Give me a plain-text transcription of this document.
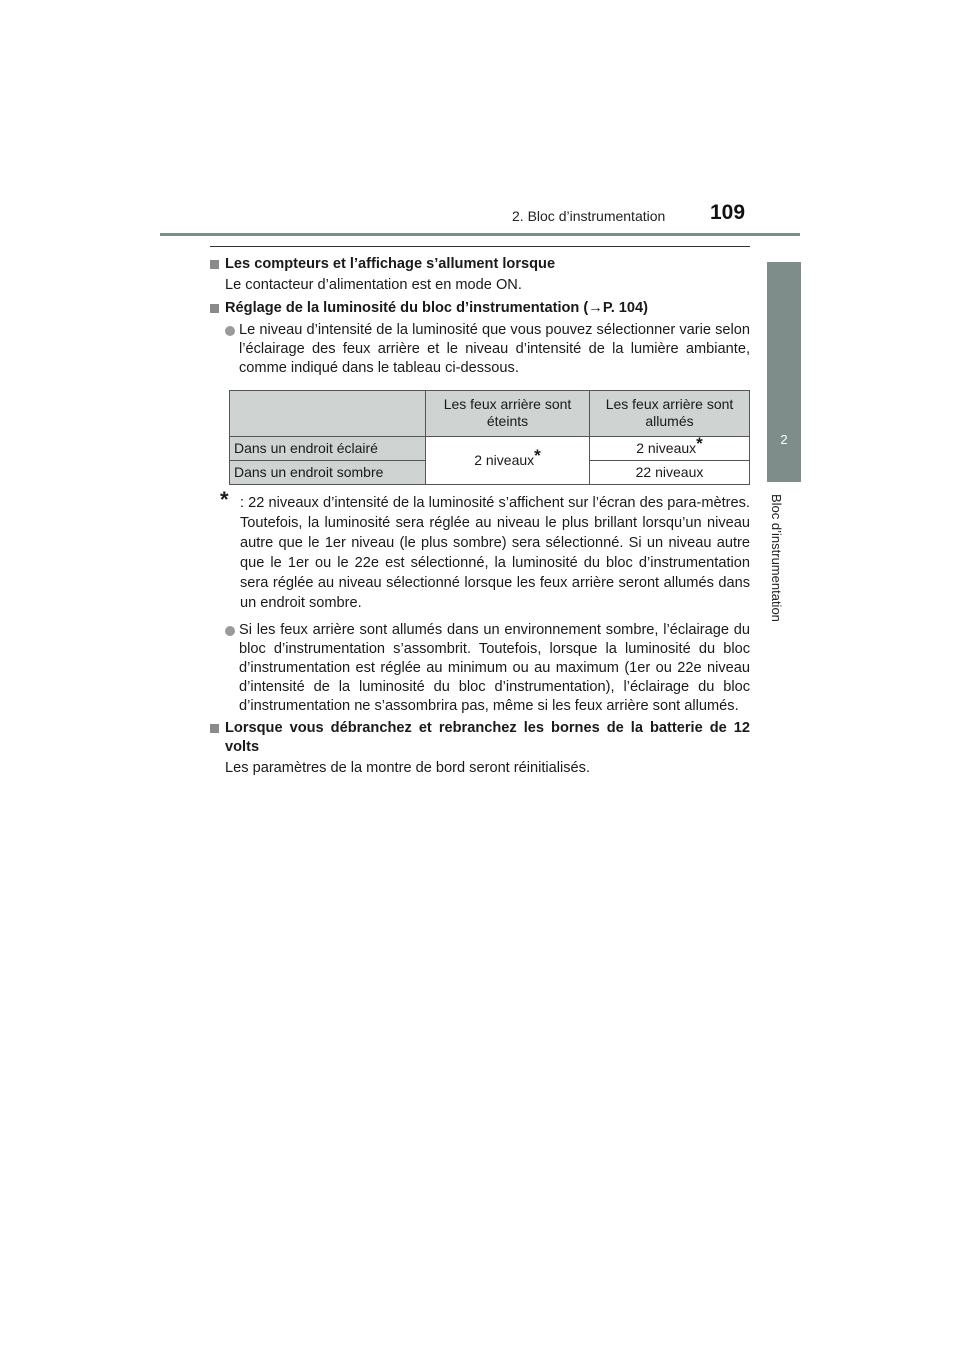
2. Bloc d’instrumentation	109
2
Bloc d’instrumentation
Les compteurs et l’affichage s’allument lorsque
Le contacteur d’alimentation est en mode ON.
Réglage de la luminosité du bloc d’instrumentation (→P. 104)
Le niveau d’intensité de la luminosité que vous pouvez sélectionner varie selon l’éclairage des feux arrière et le niveau d’intensité de la lumière ambiante, comme indiqué dans le tableau ci-dessous.
	Les feux arrière sont éteints	Les feux arrière sont allumés
Dans un endroit éclairé	2 niveaux*	2 niveaux*
Dans un endroit sombre		22 niveaux
* : 22 niveaux d’intensité de la luminosité s’affichent sur l’écran des para-mètres. Toutefois, la luminosité sera réglée au niveau le plus brillant lorsqu’un niveau autre que le 1er niveau (le plus sombre) sera sélectionné. Si un niveau autre que le 1er ou le 22e est sélectionné, la luminosité du bloc d’instrumentation sera réglée au niveau sélectionné lorsque les feux arrière seront allumés dans un endroit sombre.
Si les feux arrière sont allumés dans un environnement sombre, l’éclairage du bloc d’instrumentation s’assombrit. Toutefois, lorsque la luminosité du bloc d’instrumentation est réglée au minimum ou au maximum (1er ou 22e niveau d’intensité de la luminosité du bloc d’instrumentation), l’éclairage du bloc d’instrumentation ne s’assombrira pas, même si les feux arrière sont allumés.
Lorsque vous débranchez et rebranchez les bornes de la batterie de 12 volts
Les paramètres de la montre de bord seront réinitialisés.
